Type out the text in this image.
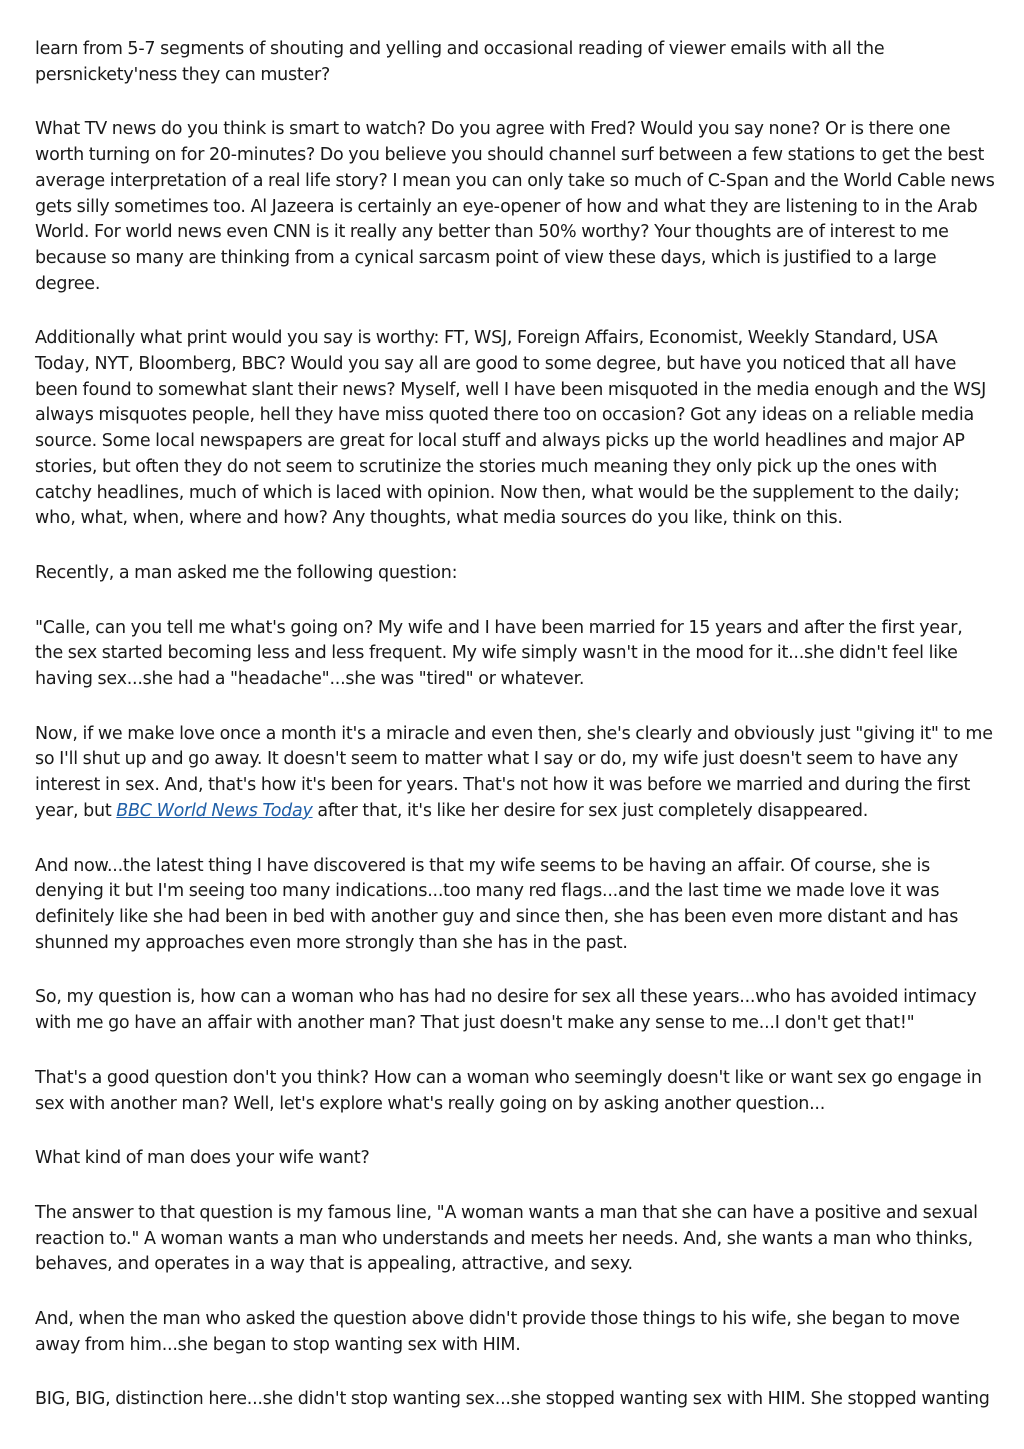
learn from 5-7 segments of shouting and yelling and occasional reading of viewer emails with all the persnickety'ness they can muster?

What TV news do you think is smart to watch? Do you agree with Fred? Would you say none? Or is there one worth turning on for 20-minutes? Do you believe you should channel surf between a few stations to get the best average interpretation of a real life story? I mean you can only take so much of C-Span and the World Cable news gets silly sometimes too. Al Jazeera is certainly an eye-opener of how and what they are listening to in the Arab World. For world news even CNN is it really any better than 50% worthy? Your thoughts are of interest to me because so many are thinking from a cynical sarcasm point of view these days, which is justified to a large degree.

Additionally what print would you say is worthy: FT, WSJ, Foreign Affairs, Economist, Weekly Standard, USA Today, NYT, Bloomberg, BBC? Would you say all are good to some degree, but have you noticed that all have been found to somewhat slant their news? Myself, well I have been misquoted in the media enough and the WSJ always misquotes people, hell they have miss quoted there too on occasion? Got any ideas on a reliable media source. Some local newspapers are great for local stuff and always picks up the world headlines and major AP stories, but often they do not seem to scrutinize the stories much meaning they only pick up the ones with catchy headlines, much of which is laced with opinion. Now then, what would be the supplement to the daily; who, what, when, where and how? Any thoughts, what media sources do you like, think on this.

Recently, a man asked me the following question:

"Calle, can you tell me what's going on? My wife and I have been married for 15 years and after the first year, the sex started becoming less and less frequent. My wife simply wasn't in the mood for it...she didn't feel like having sex...she had a "headache"...she was "tired" or whatever.

Now, if we make love once a month it's a miracle and even then, she's clearly and obviously just "giving it" to me so I'll shut up and go away. It doesn't seem to matter what I say or do, my wife just doesn't seem to have any interest in sex. And, that's how it's been for years. That's not how it was before we married and during the first year, but BBC World News Today after that, it's like her desire for sex just completely disappeared.

And now...the latest thing I have discovered is that my wife seems to be having an affair. Of course, she is denying it but I'm seeing too many indications...too many red flags...and the last time we made love it was definitely like she had been in bed with another guy and since then, she has been even more distant and has shunned my approaches even more strongly than she has in the past.

So, my question is, how can a woman who has had no desire for sex all these years...who has avoided intimacy with me go have an affair with another man? That just doesn't make any sense to me...I don't get that!"

That's a good question don't you think? How can a woman who seemingly doesn't like or want sex go engage in sex with another man? Well, let's explore what's really going on by asking another question...

What kind of man does your wife want?

The answer to that question is my famous line, "A woman wants a man that she can have a positive and sexual reaction to." A woman wants a man who understands and meets her needs. And, she wants a man who thinks, behaves, and operates in a way that is appealing, attractive, and sexy.

And, when the man who asked the question above didn't provide those things to his wife, she began to move away from him...she began to stop wanting sex with HIM.

BIG, BIG, distinction here...she didn't stop wanting sex...she stopped wanting sex with HIM. She stopped wanting
